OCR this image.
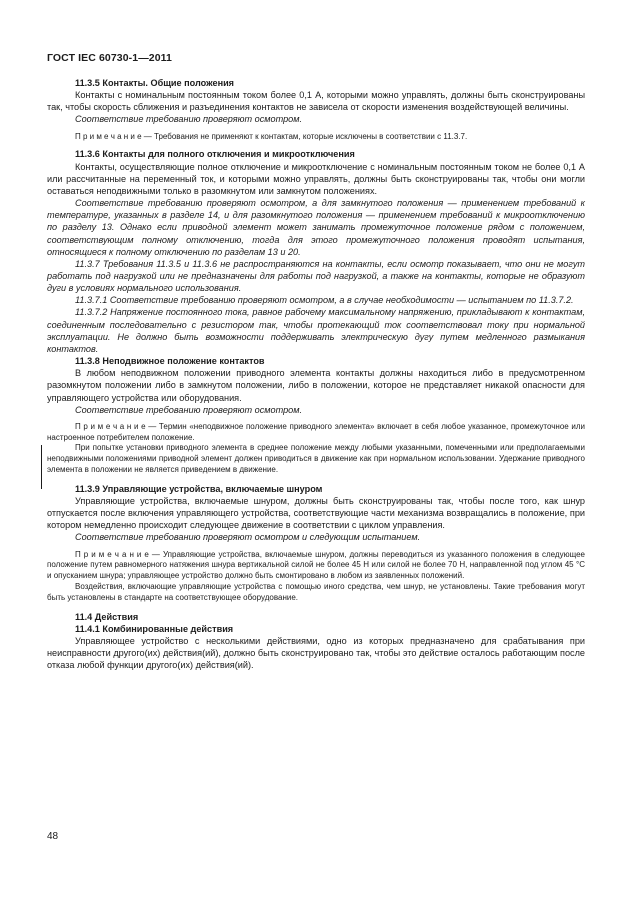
ГОСТ IEC 60730-1—2011

11.3.5 Контакты. Общие положения

Контакты с номинальным постоянным током более 0,1 А, которыми можно управлять, должны быть сконструированы так, чтобы скорость сближения и разъединения контактов не зависела от скорости изменения воздействующей величины.

Соответствие требованию проверяют осмотром.

П р и м е ч а н и е — Требования не применяют к контактам, которые исключены в соответствии с 11.3.7.

11.3.6 Контакты для полного отключения и микроотключения

Контакты, осуществляющие полное отключение и микроотключение с номинальным постоянным током не более 0,1 А или рассчитанные на переменный ток, и которыми можно управлять, должны быть сконструированы так, чтобы они могли оставаться неподвижными только в разомкнутом или замкнутом положениях.

Соответствие требованию проверяют осмотром, а для замкнутого положения — применением требований к температуре, указанных в разделе 14, и для разомкнутого положения — применением требований к микроотключению по разделу 13. Однако если приводной элемент может занимать промежуточное положение рядом с положением, соответствующим полному отключению, тогда для этого промежуточного положения проводят испытания, относящиеся к полному отключению по разделам 13 и 20.

11.3.7 Требования 11.3.5 и 11.3.6 не распространяются на контакты, если осмотр показывает, что они не могут работать под нагрузкой или не предназначены для работы под нагрузкой, а также на контакты, которые не образуют дуги в условиях нормального использования.

11.3.7.1 Соответствие требованию проверяют осмотром, а в случае необходимости — испытанием по 11.3.7.2.

11.3.7.2 Напряжение постоянного тока, равное рабочему максимальному напряжению, прикладывают к контактам, соединенным последовательно с резистором так, чтобы протекающий ток соответствовал току при нормальной эксплуатации. Не должно быть возможности поддерживать электрическую дугу путем медленного размыкания контактов.

11.3.8 Неподвижное положение контактов

В любом неподвижном положении приводного элемента контакты должны находиться либо в предусмотренном разомкнутом положении либо в замкнутом положении, либо в положении, которое не представляет никакой опасности для управляющего устройства или оборудования.

Соответствие требованию проверяют осмотром.

П р и м е ч а н и е — Термин «неподвижное положение приводного элемента» включает в себя любое указанное, промежуточное или настроенное потребителем положение.

При попытке установки приводного элемента в среднее положение между любыми указанными, помеченными или предполагаемыми неподвижными положениями приводной элемент должен приводиться в движение как при нормальном использовании. Удержание приводного элемента в положении не является приведением в движение.

11.3.9 Управляющие устройства, включаемые шнуром

Управляющие устройства, включаемые шнуром, должны быть сконструированы так, чтобы после того, как шнур отпускается после включения управляющего устройства, соответствующие части механизма возвращались в положение, при котором немедленно происходит следующее движение в соответствии с циклом управления.

Соответствие требованию проверяют осмотром и следующим испытанием.

П р и м е ч а н и е — Управляющие устройства, включаемые шнуром, должны переводиться из указанного положения в следующее положение путем равномерного натяжения шнура вертикальной силой не более 45 Н или силой не более 70 Н, направленной под углом 45 °С и опусканием шнура; управляющее устройство должно быть смонтировано в любом из заявленных положений.

Воздействия, включающие управляющие устройства с помощью иного средства, чем шнур, не установлены. Такие требования могут быть установлены в стандарте на соответствующее оборудование.

11.4 Действия

11.4.1 Комбинированные действия

Управляющее устройство с несколькими действиями, одно из которых предназначено для срабатывания при неисправности другого(их) действия(ий), должно быть сконструировано так, чтобы это действие осталось работающим после отказа любой функции другого(их) действия(ий).

48
